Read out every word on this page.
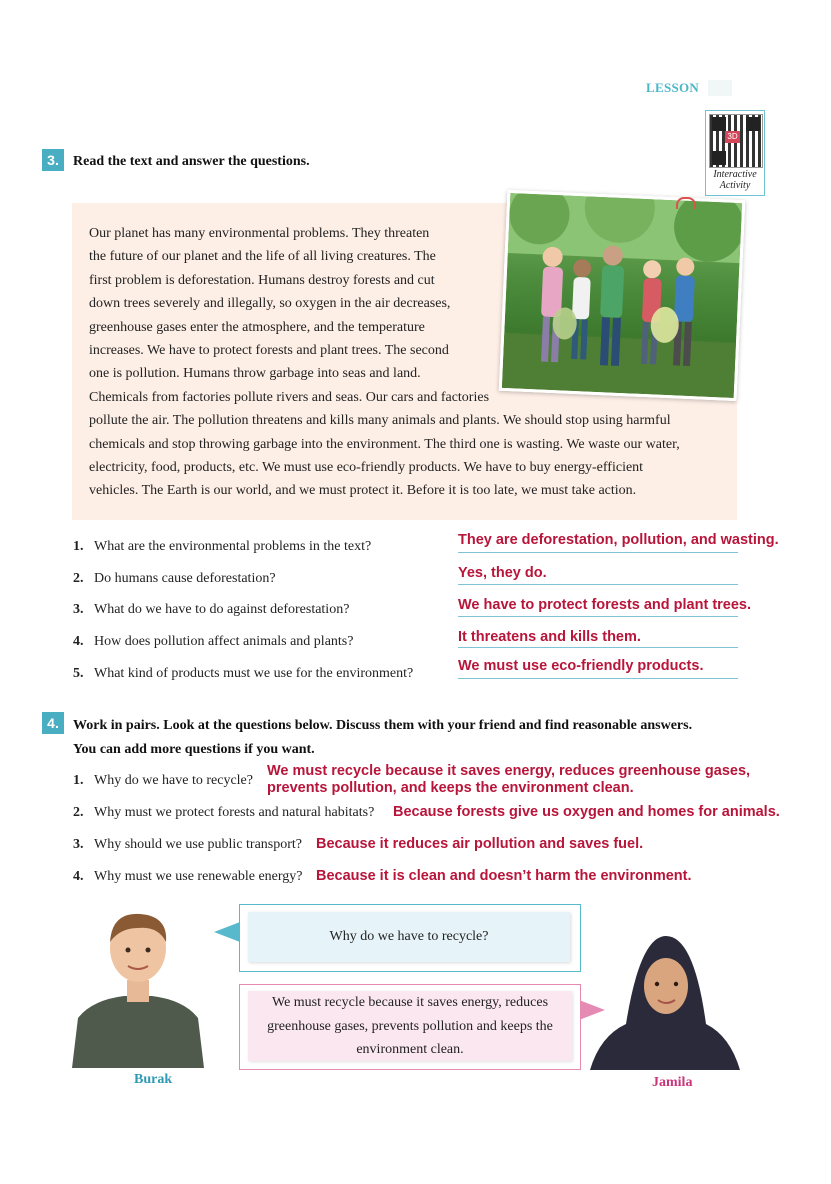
LESSON
3D
Interactive
Activity
3.	Read the text and answer the questions.
Our planet has many environmental problems. They threaten
the future of our planet and the life of all living creatures. The
first problem is deforestation. Humans destroy forests and cut
down trees severely and illegally, so oxygen in the air decreases,
greenhouse gases enter the atmosphere, and the temperature
increases. We have to protect forests and plant trees. The second
one is pollution. Humans throw garbage into seas and land.
Chemicals from factories pollute rivers and seas. Our cars and factories
pollute the air. The pollution threatens and kills many animals and plants. We should stop using harmful
chemicals and stop throwing garbage into the environment. The third one is wasting. We waste our water,
electricity, food, products, etc. We must use eco-friendly products. We have to buy energy-efficient
vehicles. The Earth is our world, and we must protect it. Before it is too late, we must take action.
1. What are the environmental problems in the text?	They are deforestation, pollution, and wasting.
2. Do humans cause deforestation?	Yes, they do.
3. What do we have to do against deforestation?	We have to protect forests and plant trees.
4. How does pollution affect animals and plants?	It threatens and kills them.
5. What kind of products must we use for the environment?	We must use eco-friendly products.
4.	Work in pairs. Look at the questions below. Discuss them with your friend and find reasonable answers.
You can add more questions if you want.
1. Why do we have to recycle?
We must recycle because it saves energy, reduces greenhouse gases,
prevents pollution, and keeps the environment clean.
2. Why must we protect forests and natural habitats? Because forests give us oxygen and homes for animals.
3. Why should we use public transport? Because it reduces air pollution and saves fuel.
4. Why must we use renewable energy? Because it is clean and doesn’t harm the environment.
Burak
Why do we have to recycle?
We must recycle because it saves energy, reduces
greenhouse gases, prevents pollution and keeps the
environment clean.
Jamila
